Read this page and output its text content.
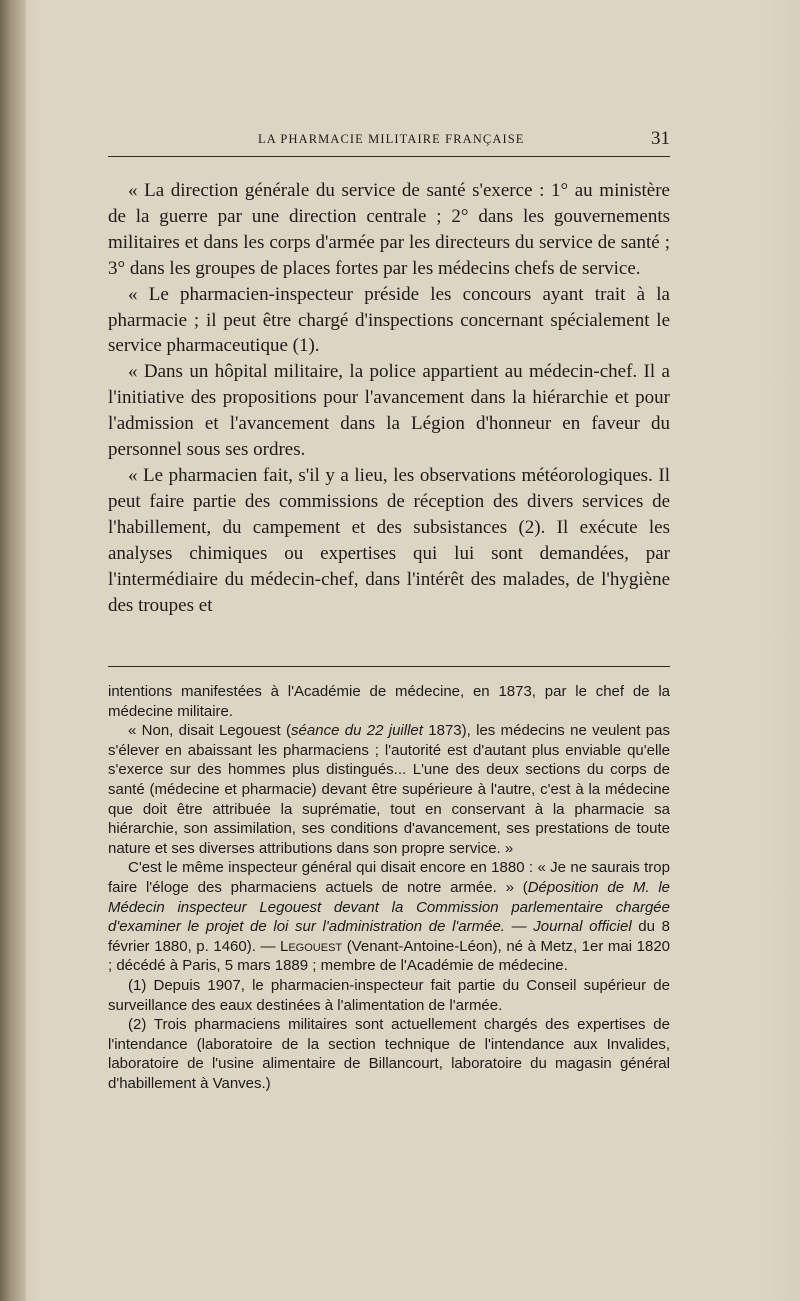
LA PHARMACIE MILITAIRE FRANÇAISE	31

« La direction générale du service de santé s'exerce : 1° au ministère de la guerre par une direction centrale ; 2° dans les gouvernements militaires et dans les corps d'armée par les directeurs du service de santé ; 3° dans les groupes de places fortes par les médecins chefs de service.

« Le pharmacien-inspecteur préside les concours ayant trait à la pharmacie ; il peut être chargé d'inspections concernant spécialement le service pharmaceutique (1).

« Dans un hôpital militaire, la police appartient au médecin-chef. Il a l'initiative des propositions pour l'avancement dans la hiérarchie et pour l'admission et l'avancement dans la Légion d'honneur en faveur du personnel sous ses ordres.

« Le pharmacien fait, s'il y a lieu, les observations météorologiques. Il peut faire partie des commissions de réception des divers services de l'habillement, du campement et des subsistances (2). Il exécute les analyses chimiques ou expertises qui lui sont demandées, par l'intermédiaire du médecin-chef, dans l'intérêt des malades, de l'hygiène des troupes et

intentions manifestées à l'Académie de médecine, en 1873, par le chef de la médecine militaire.

« Non, disait Legouest (séance du 22 juillet 1873), les médecins ne veulent pas s'élever en abaissant les pharmaciens ; l'autorité est d'autant plus enviable qu'elle s'exerce sur des hommes plus distingués... L'une des deux sections du corps de santé (médecine et pharmacie) devant être supérieure à l'autre, c'est à la médecine que doit être attribuée la suprématie, tout en conservant à la pharmacie sa hiérarchie, son assimilation, ses conditions d'avancement, ses prestations de toute nature et ses diverses attributions dans son propre service. »

C'est le même inspecteur général qui disait encore en 1880 : « Je ne saurais trop faire l'éloge des pharmaciens actuels de notre armée. » (Déposition de M. le Médecin inspecteur Legouest devant la Commission parlementaire chargée d'examiner le projet de loi sur l'administration de l'armée. — Journal officiel du 8 février 1880, p. 1460). — Legouest (Venant-Antoine-Léon), né à Metz, 1er mai 1820 ; décédé à Paris, 5 mars 1889 ; membre de l'Académie de médecine.

(1) Depuis 1907, le pharmacien-inspecteur fait partie du Conseil supérieur de surveillance des eaux destinées à l'alimentation de l'armée.

(2) Trois pharmaciens militaires sont actuellement chargés des expertises de l'intendance (laboratoire de la section technique de l'intendance aux Invalides, laboratoire de l'usine alimentaire de Billancourt, laboratoire du magasin général d'habillement à Vanves.)
